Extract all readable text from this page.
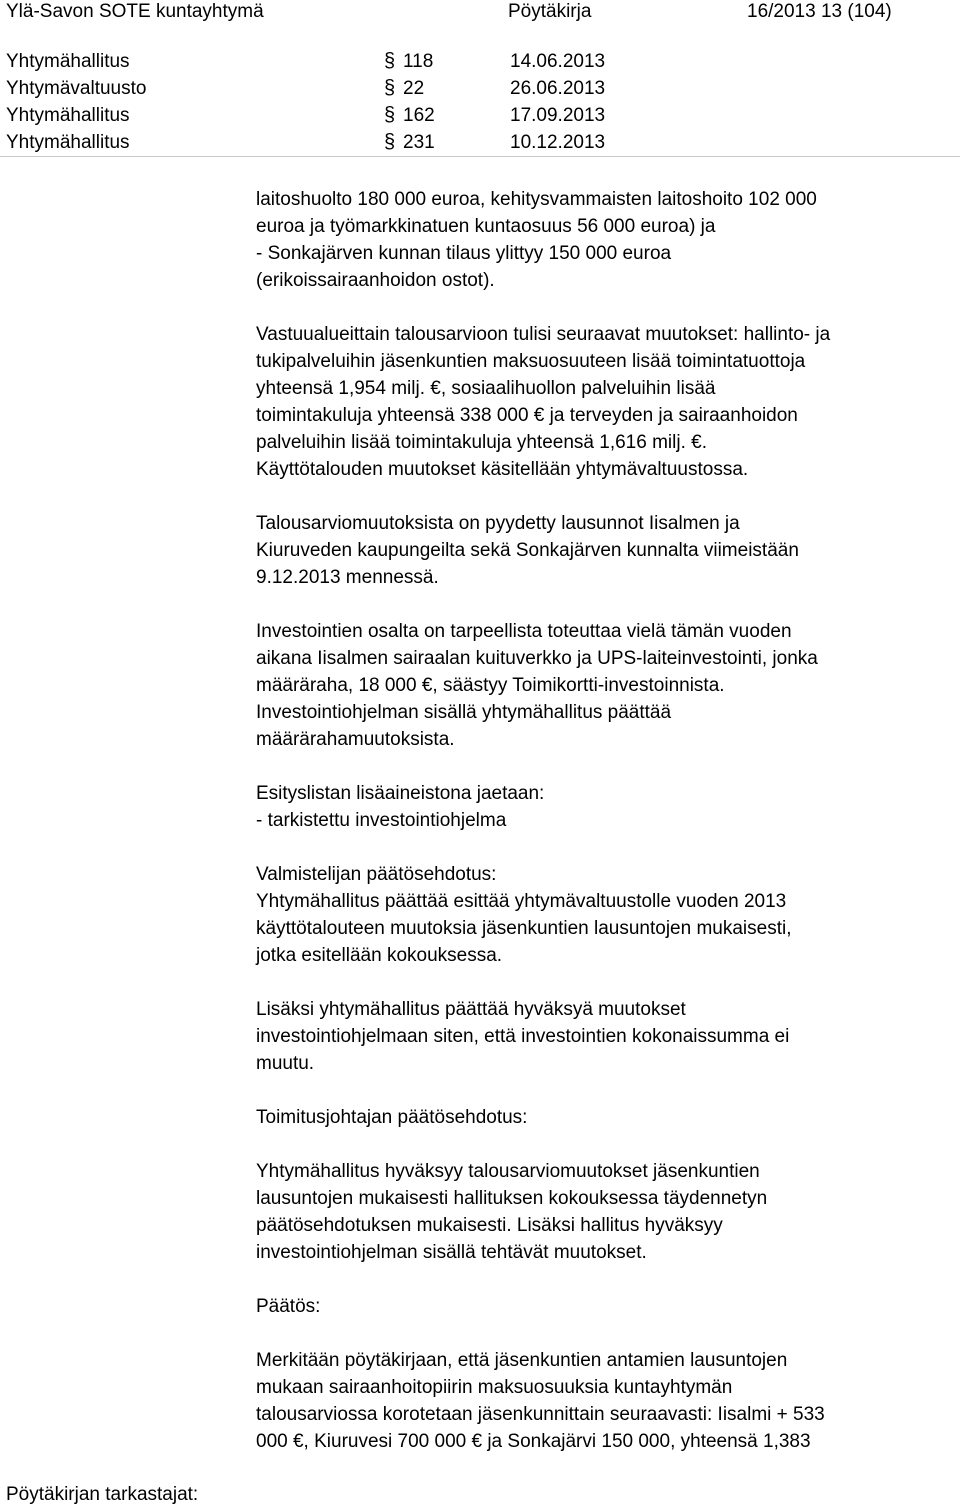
Ylä-Savon SOTE kuntayhtymä	Pöytäkirja	16/2013 13 (104)
Yhtymähallitus	§ 118	14.06.2013
Yhtymävaltuusto	§ 22	26.06.2013
Yhtymähallitus	§ 162	17.09.2013
Yhtymähallitus	§ 231	10.12.2013

laitoshuolto 180 000 euroa, kehitysvammaisten laitoshoito 102 000
euroa ja työmarkkinatuen kuntaosuus 56 000 euroa) ja
- Sonkajärven kunnan tilaus ylittyy 150 000 euroa
(erikoissairaanhoidon ostot).

Vastuualueittain talousarvioon tulisi seuraavat muutokset: hallinto- ja
tukipalveluihin jäsenkuntien maksuosuuteen lisää toimintatuottoja
yhteensä 1,954 milj. €, sosiaalihuollon palveluihin lisää
toimintakuluja yhteensä 338 000 € ja terveyden ja sairaanhoidon
palveluihin lisää toimintakuluja yhteensä 1,616 milj. €.
Käyttötalouden muutokset käsitellään yhtymävaltuustossa.

Talousarviomuutoksista on pyydetty lausunnot Iisalmen ja
Kiuruveden kaupungeilta sekä Sonkajärven kunnalta viimeistään
9.12.2013 mennessä.

Investointien osalta on tarpeellista toteuttaa vielä tämän vuoden
aikana Iisalmen sairaalan kuituverkko ja UPS-laiteinvestointi, jonka
määräraha, 18 000 €, säästyy Toimikortti-investoinnista.
Investointiohjelman sisällä yhtymähallitus päättää
määrärahamuutoksista.

Esityslistan lisäaineistona jaetaan:
- tarkistettu investointiohjelma

Valmistelijan päätösehdotus:
Yhtymähallitus päättää esittää yhtymävaltuustolle vuoden 2013
käyttötalouteen muutoksia jäsenkuntien lausuntojen mukaisesti,
jotka esitellään kokouksessa.

Lisäksi yhtymähallitus päättää hyväksyä muutokset
investointiohjelmaan siten, että investointien kokonaissumma ei
muutu.

Toimitusjohtajan päätösehdotus:

Yhtymähallitus hyväksyy talousarviomuutokset jäsenkuntien
lausuntojen mukaisesti hallituksen kokouksessa täydennetyn
päätösehdotuksen mukaisesti. Lisäksi hallitus hyväksyy
investointiohjelman sisällä tehtävät muutokset.

Päätös:

Merkitään pöytäkirjaan, että jäsenkuntien antamien lausuntojen
mukaan sairaanhoitopiirin maksuosuuksia kuntayhtymän
talousarviossa korotetaan jäsenkunnittain seuraavasti: Iisalmi + 533
000 €, Kiuruvesi 700 000 € ja Sonkajärvi 150 000, yhteensä 1,383

Pöytäkirjan tarkastajat:
